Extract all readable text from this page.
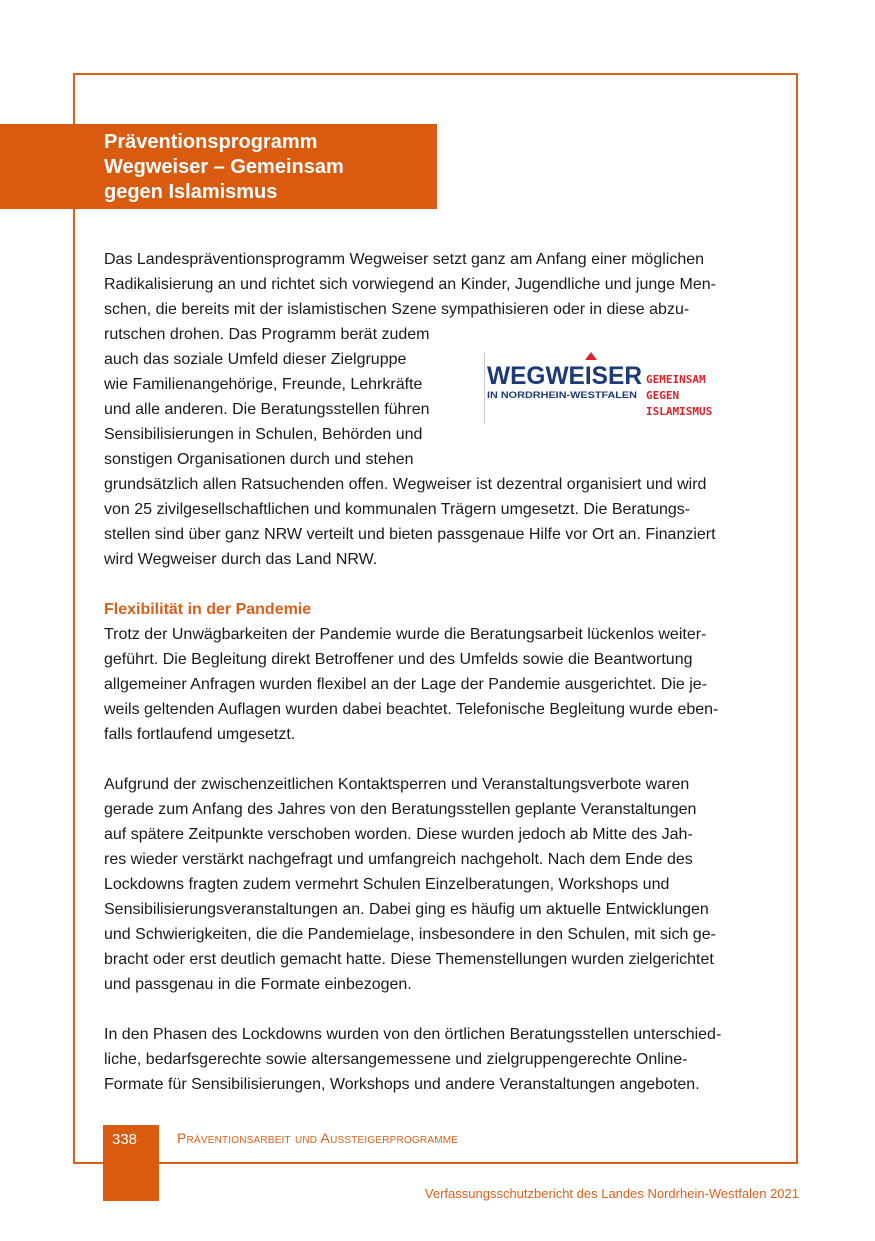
Präventionsprogramm
Wegweiser – Gemeinsam
gegen Islamismus
Das Landespräventionsprogramm Wegweiser setzt ganz am Anfang einer möglichen
Radikalisierung an und richtet sich vorwiegend an Kinder, Jugendliche und junge Men-
schen, die bereits mit der islamistischen Szene sympathisieren oder in diese abzu-
rutschen drohen. Das Programm berät zudem
auch das soziale Umfeld dieser Zielgruppe
wie Familienangehörige, Freunde, Lehrkräfte
und alle anderen. Die Beratungsstellen führen
Sensibilisierungen in Schulen, Behörden und
sonstigen Organisationen durch und stehen
grundsätzlich allen Ratsuchenden offen. Wegweiser ist dezentral organisiert und wird
von 25 zivilgesellschaftlichen und kommunalen Trägern umgesetzt. Die Beratungs-
stellen sind über ganz NRW verteilt und bieten passgenaue Hilfe vor Ort an. Finanziert
wird Wegweiser durch das Land NRW.
WEGWEISER
IN NORDRHEIN-WESTFALEN
GEMEINSAM
GEGEN
ISLAMISMUS
Flexibilität in der Pandemie
Trotz der Unwägbarkeiten der Pandemie wurde die Beratungsarbeit lückenlos weiter-
geführt. Die Begleitung direkt Betroffener und des Umfelds sowie die Beantwortung
allgemeiner Anfragen wurden flexibel an der Lage der Pandemie ausgerichtet. Die je-
weils geltenden Auflagen wurden dabei beachtet. Telefonische Begleitung wurde eben-
falls fortlaufend umgesetzt.
Aufgrund der zwischenzeitlichen Kontaktsperren und Veranstaltungsverbote waren
gerade zum Anfang des Jahres von den Beratungsstellen geplante Veranstaltungen
auf spätere Zeitpunkte verschoben worden. Diese wurden jedoch ab Mitte des Jah-
res wieder verstärkt nachgefragt und umfangreich nachgeholt. Nach dem Ende des
Lockdowns fragten zudem vermehrt Schulen Einzelberatungen, Workshops und
Sensibilisierungsveranstaltungen an. Dabei ging es häufig um aktuelle Entwicklungen
und Schwierigkeiten, die die Pandemielage, insbesondere in den Schulen, mit sich ge-
bracht oder erst deutlich gemacht hatte. Diese Themenstellungen wurden zielgerichtet
und passgenau in die Formate einbezogen.
In den Phasen des Lockdowns wurden von den örtlichen Beratungsstellen unterschied-
liche, bedarfsgerechte sowie altersangemessene und zielgruppengerechte Online-
Formate für Sensibilisierungen, Workshops und andere Veranstaltungen angeboten.
338	Präventionsarbeit und Aussteigerprogramme
Verfassungsschutzbericht des Landes Nordrhein-Westfalen 2021
